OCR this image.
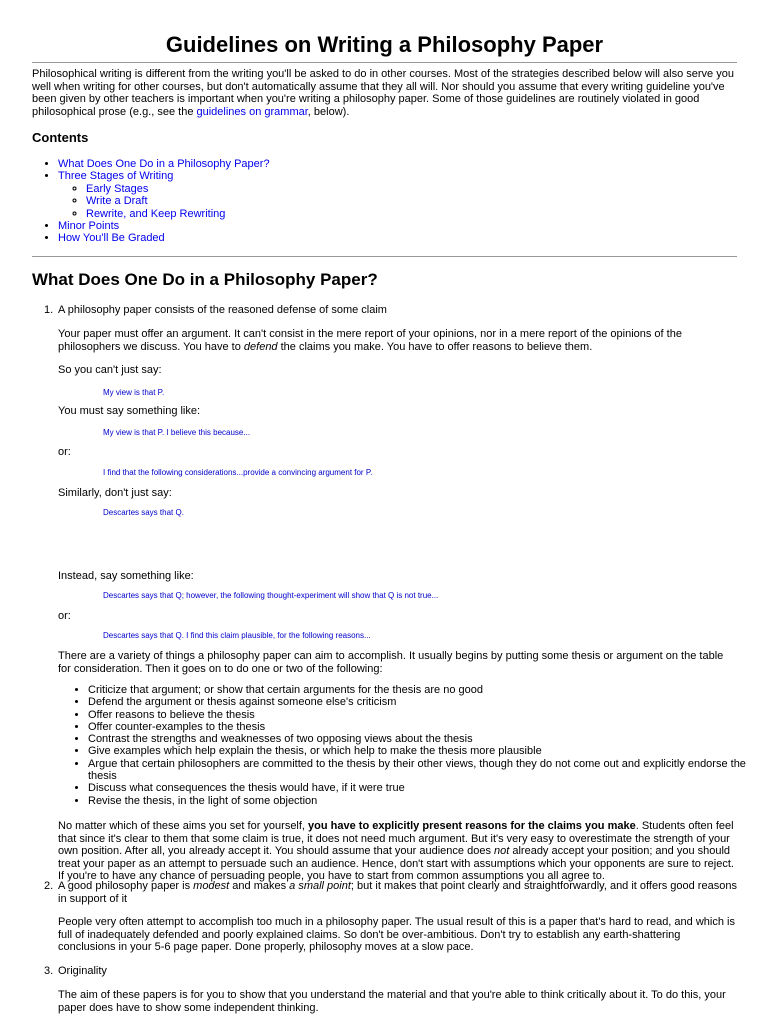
Guidelines on Writing a Philosophy Paper

Philosophical writing is different from the writing you'll be asked to do in other courses. Most of the strategies described below will also serve you well when writing for other courses, but don't automatically assume that they all will. Nor should you assume that every writing guideline you've been given by other teachers is important when you're writing a philosophy paper. Some of those guidelines are routinely violated in good philosophical prose (e.g., see the guidelines on grammar, below).

Contents
• What Does One Do in a Philosophy Paper?
• Three Stages of Writing
◦ Early Stages
◦ Write a Draft
◦ Rewrite, and Keep Rewriting
• Minor Points
• How You'll Be Graded
What Does One Do in a Philosophy Paper?
1. A philosophy paper consists of the reasoned defense of some claim

Your paper must offer an argument. It can't consist in the mere report of your opinions, nor in a mere report of the opinions of the philosophers we discuss. You have to defend the claims you make. You have to offer reasons to believe them.

So you can't just say:

My view is that P.

You must say something like:

My view is that P. I believe this because...

or:

I find that the following considerations...provide a convincing argument for P.

Similarly, don't just say:

Descartes says that Q.

Instead, say something like:

Descartes says that Q; however, the following thought-experiment will show that Q is not true...

or:

Descartes says that Q. I find this claim plausible, for the following reasons...

There are a variety of things a philosophy paper can aim to accomplish. It usually begins by putting some thesis or argument on the table for consideration. Then it goes on to do one or two of the following:

• Criticize that argument; or show that certain arguments for the thesis are no good
• Defend the argument or thesis against someone else's criticism
• Offer reasons to believe the thesis
• Offer counter-examples to the thesis
• Contrast the strengths and weaknesses of two opposing views about the thesis
• Give examples which help explain the thesis, or which help to make the thesis more plausible
• Argue that certain philosophers are committed to the thesis by their other views, though they do not come out and explicitly endorse the thesis
• Discuss what consequences the thesis would have, if it were true
• Revise the thesis, in the light of some objection

No matter which of these aims you set for yourself, you have to explicitly present reasons for the claims you make. Students often feel that since it's clear to them that some claim is true, it does not need much argument. But it's very easy to overestimate the strength of your own position. After all, you already accept it. You should assume that your audience does not already accept your position; and you should treat your paper as an attempt to persuade such an audience. Hence, don't start with assumptions which your opponents are sure to reject. If you're to have any chance of persuading people, you have to start from common assumptions you all agree to.

2. A good philosophy paper is modest and makes a small point; but it makes that point clearly and straightforwardly, and it offers good reasons in support of it

People very often attempt to accomplish too much in a philosophy paper. The usual result of this is a paper that's hard to read, and which is full of inadequately defended and poorly explained claims. So don't be over-ambitious. Don't try to establish any earth-shattering conclusions in your 5-6 page paper. Done properly, philosophy moves at a slow pace.

3. Originality

The aim of these papers is for you to show that you understand the material and that you're able to think critically about it. To do this, your paper does have to show some independent thinking.
